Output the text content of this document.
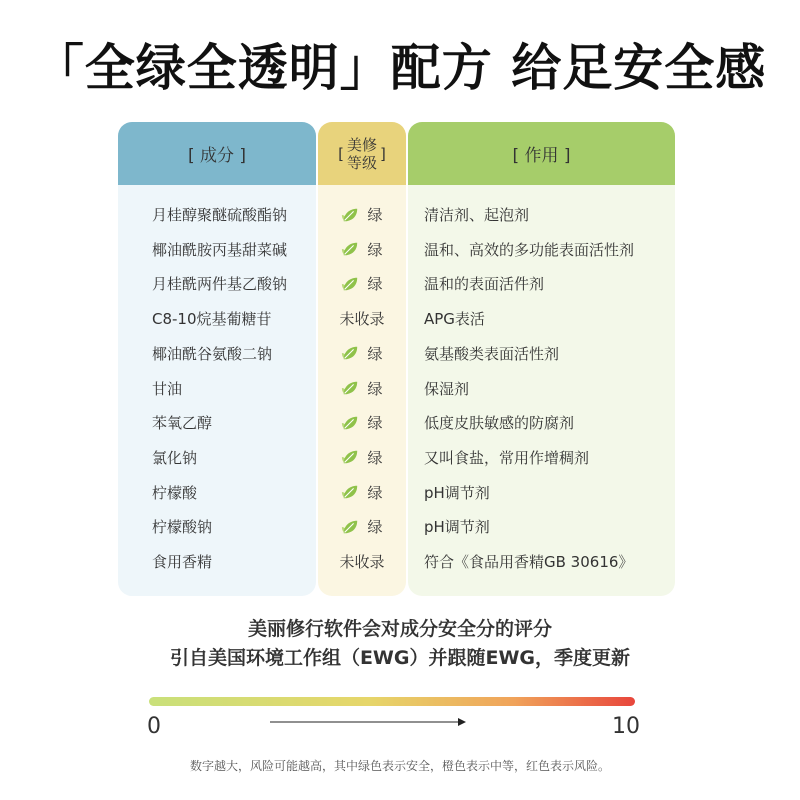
「全绿全透明」配方 给足安全感
[ 成分 ]	[ 美修
等级 ]	[ 作用 ]
月桂醇聚醚硫酸酯钠	绿	清洁剂、起泡剂
椰油酰胺丙基甜菜碱	绿	温和、高效的多功能表面活性剂
月桂酰两件基乙酸钠	绿	温和的表面活件剂
C8-10烷基葡糖苷	未收录	APG表活
椰油酰谷氨酸二钠	绿	氨基酸类表面活性剂
甘油	绿	保湿剂
苯氧乙醇	绿	低度皮肤敏感的防腐剂
氯化钠	绿	又叫食盐，常用作增稠剂
柠檬酸	绿	pH调节剂
柠檬酸钠	绿	pH调节剂
食用香精	未收录	符合《食品用香精GB 30616》
美丽修行软件会对成分安全分的评分
引自美国环境工作组（EWG）并跟随EWG，季度更新
0	10
数字越大，风险可能越高，其中绿色表示安全，橙色表示中等，红色表示风险。
